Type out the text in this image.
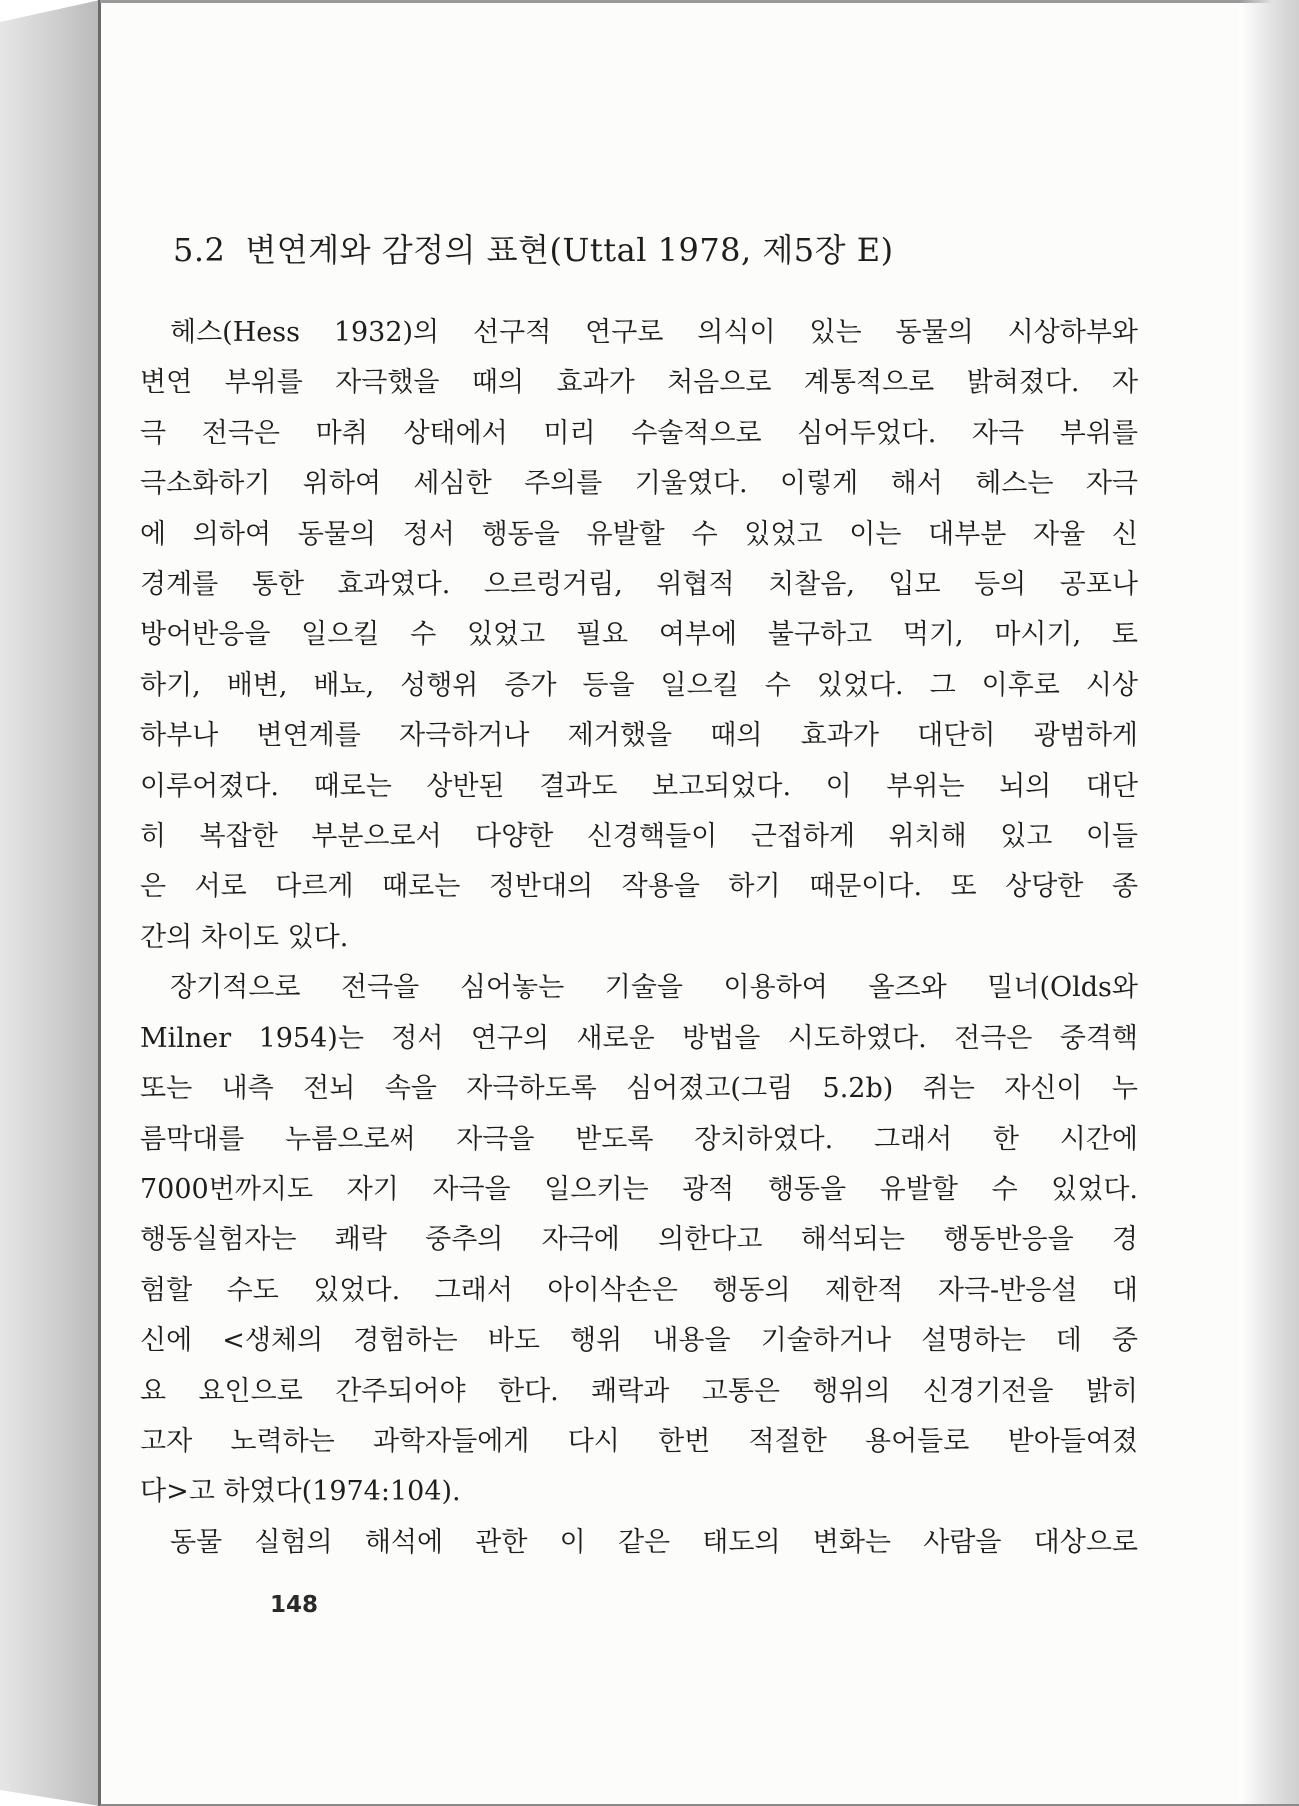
5.2 변연계와 감정의 표현(Uttal 1978, 제5장 E)

헤스(Hess 1932)의 선구적 연구로 의식이 있는 동물의 시상하부와
변연 부위를 자극했을 때의 효과가 처음으로 계통적으로 밝혀졌다. 자
극 전극은 마취 상태에서 미리 수술적으로 심어두었다. 자극 부위를
극소화하기 위하여 세심한 주의를 기울였다. 이렇게 해서 헤스는 자극
에 의하여 동물의 정서 행동을 유발할 수 있었고 이는 대부분 자율 신
경계를 통한 효과였다. 으르렁거림, 위협적 치찰음, 입모 등의 공포나
방어반응을 일으킬 수 있었고 필요 여부에 불구하고 먹기, 마시기, 토
하기, 배변, 배뇨, 성행위 증가 등을 일으킬 수 있었다. 그 이후로 시상
하부나 변연계를 자극하거나 제거했을 때의 효과가 대단히 광범하게
이루어졌다. 때로는 상반된 결과도 보고되었다. 이 부위는 뇌의 대단
히 복잡한 부분으로서 다양한 신경핵들이 근접하게 위치해 있고 이들
은 서로 다르게 때로는 정반대의 작용을 하기 때문이다. 또 상당한 종
간의 차이도 있다.

장기적으로 전극을 심어놓는 기술을 이용하여 올즈와 밀너(Olds와
Milner 1954)는 정서 연구의 새로운 방법을 시도하였다. 전극은 중격핵
또는 내측 전뇌 속을 자극하도록 심어졌고(그림 5.2b) 쥐는 자신이 누
름막대를 누름으로써 자극을 받도록 장치하였다. 그래서 한 시간에
7000번까지도 자기 자극을 일으키는 광적 행동을 유발할 수 있었다.
행동실험자는 쾌락 중추의 자극에 의한다고 해석되는 행동반응을 경
험할 수도 있었다. 그래서 아이삭손은 행동의 제한적 자극-반응설 대
신에 <생체의 경험하는 바도 행위 내용을 기술하거나 설명하는 데 중
요 요인으로 간주되어야 한다. 쾌락과 고통은 행위의 신경기전을 밝히
고자 노력하는 과학자들에게 다시 한번 적절한 용어들로 받아들여졌
다>고 하였다(1974:104).

동물 실험의 해석에 관한 이 같은 태도의 변화는 사람을 대상으로

148
